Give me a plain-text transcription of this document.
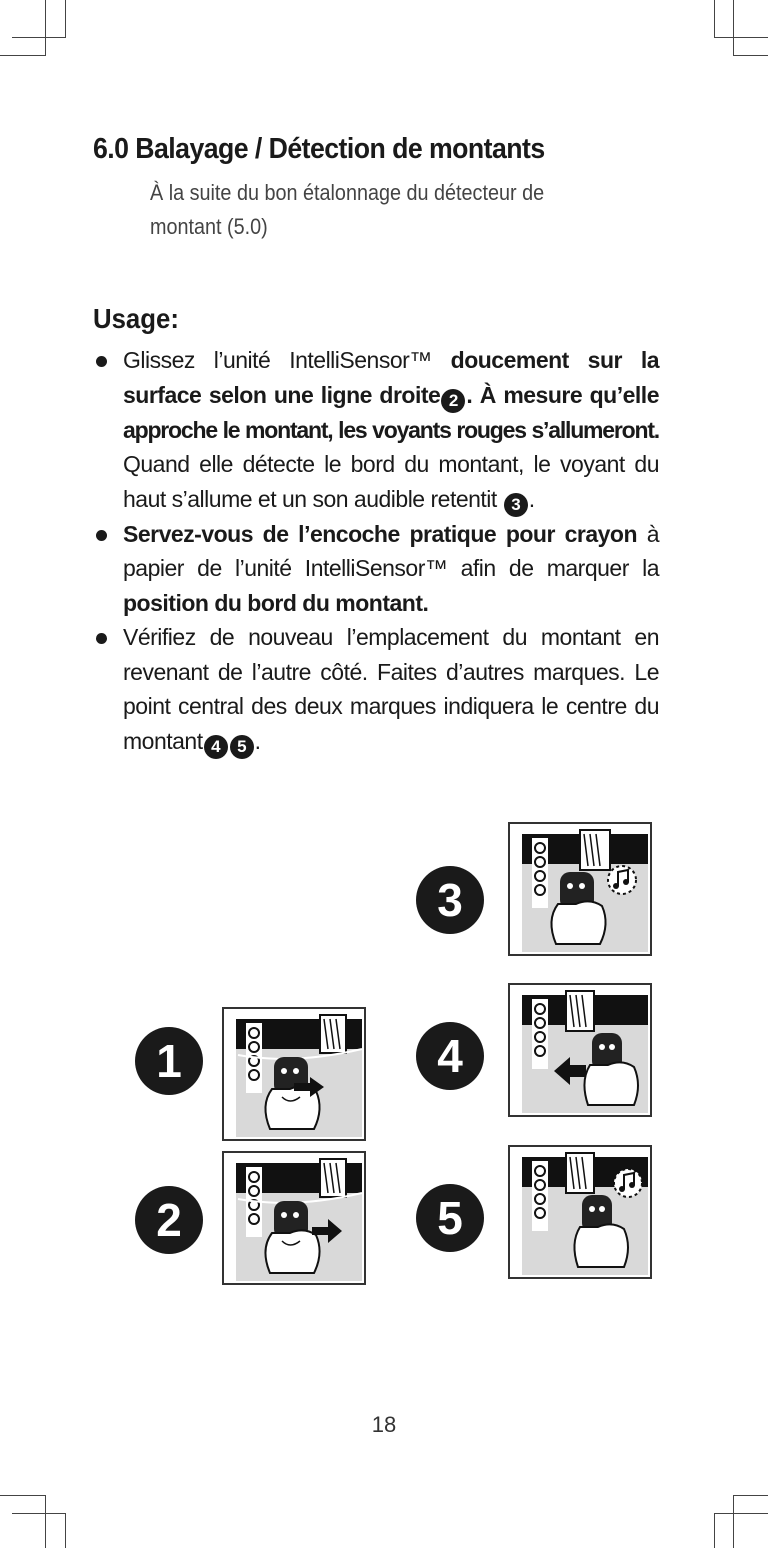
6.0 Balayage / Détection de montants
À la suite du bon étalonnage du détecteur de montant (5.0)
Usage:
Glissez l’unité IntelliSensor™ doucement sur la surface selon une ligne droite 2 . À mesure qu’elle approche le montant, les voyants rouges s’allumeront. Quand elle détecte le bord du montant, le voyant du haut s’allume et un son audible retentit 3 .
Servez-vous de l’encoche pratique pour crayon à papier de l’unité IntelliSensor™ afin de marquer la position du bord du montant.
Vérifiez de nouveau l’emplacement du montant en revenant de l’autre côté. Faites d’autres marques. Le point central des deux marques indiquera le centre du montant 4 5 .
1
2
3
4
5
18
